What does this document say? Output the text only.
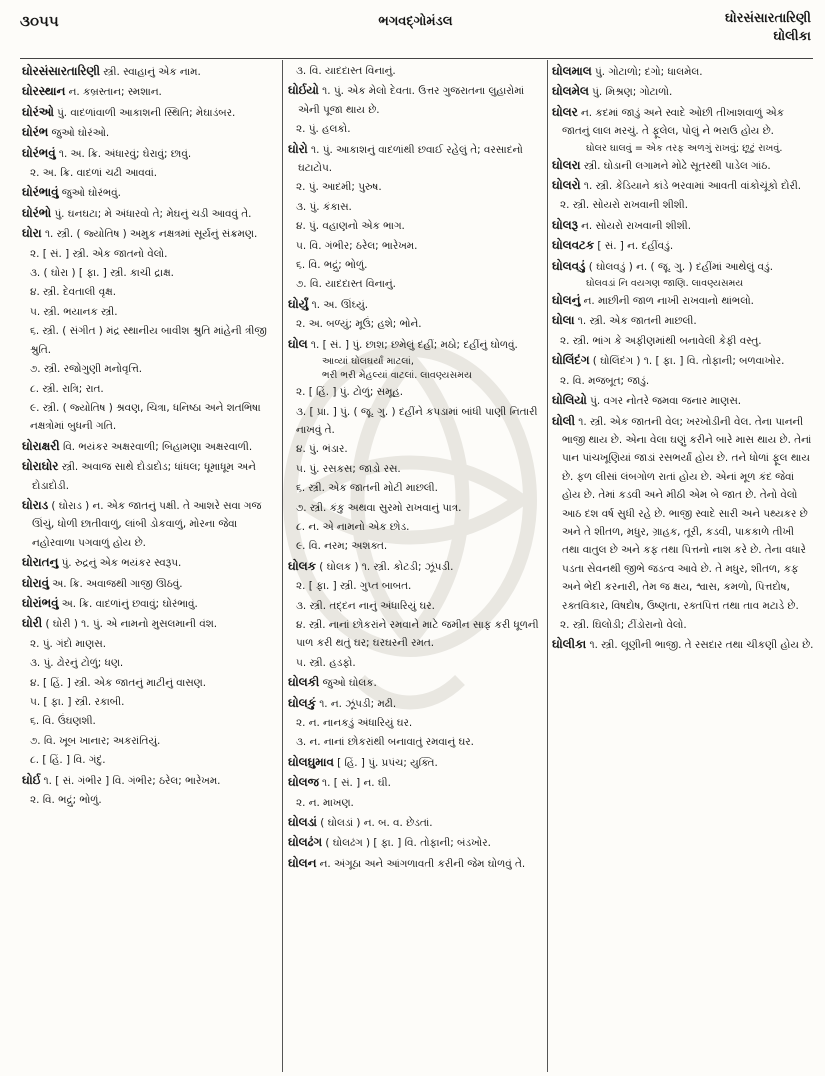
૩૦૫૫	ભગવદ્ગોમંડલ	ઘોરસંસારતારિણી
ઘોલીકા
ઘોરસંસારતારિણી સ્ત્રી. સ્વાહાનું એક નામ.
ઘોરસ્થાન ન. કબ્રસ્તાન; સ્મશાન.
ઘોરંઓ પું. વાદળાંવાળી આકાશની સ્થિતિ; મેઘાડંબર.
ઘોરંભ જુઓ ઘોરંઓ.
ઘોરંભવું ૧. અ. ક્રિ. અંધારવું; ઘેરાવું; છાવું.
૨. અ. ક્રિ. વાદળાં ચઢી આવવાં.
ઘોરંભાવું જુઓ ઘોરંભવું.
ઘોરંભો પું. ઘનઘટા; મે અંધારવો તે; મેઘનું ચડી આવવું તે.
ઘોરા ૧. સ્ત્રી. ( જ્યોતિષ ) અમુક નક્ષત્રમાં સૂર્યનું સંક્રમણ.
૨. [ સં. ] સ્ત્રી. એક જાતનો વેલો.
૩. ( ઘોરા ) [ ફા. ] સ્ત્રી. કાચી દ્રાક્ષ.
૪. સ્ત્રી. દેવતાલી વૃક્ષ.
૫. સ્ત્રી. ભયાનક સ્ત્રી.
૬. સ્ત્રી. ( સંગીત ) મંદ્ર સ્થાનીય બાવીશ શ્રુતિ માંહેની ત્રીજી શ્રુતિ.
૭. સ્ત્રી. રજોગુણી મનોવૃત્તિ.
૮. સ્ત્રી. રાત્રિ; રાત.
૯. સ્ત્રી. ( જ્યોતિષ ) શ્રવણ, ચિત્રા, ધનિષ્ઠા અને શતભિષા નક્ષત્રોમાં બુધની ગતિ.
ઘોરાક્ષરી વિ. ભયંકર અક્ષરવાળી; બિહામણા અક્ષરવાળી.
ઘોરાઘોર સ્ત્રી. અવાજ સાથે દોડાદોડ; ધાંધલ; ધૂમાધૂમ અને દોડાદોડી.
ઘોરાડ ( ઘોરાડ ) ન. એક જાતનું પક્ષી. તે આશરે સવા ગજ ઊંચું, ધોળી છાતીવાળું, લાંબી ડોકવાળું, મોરના જેવા નહોરવાળા પગવાળું હોય છે.
ઘોરાતનુ પું. રુદ્રનું એક ભયંકર સ્વરૂપ.
ઘોરાવું અ. ક્રિ. અવાજથી ગાજી ઊઠવું.
ઘોરાંભવું અ. ક્રિ. વાદળાંનું છવાવું; ઘોરંભાવું.
ઘોરી ( ઘોરી ) ૧. પું. એ નામનો મુસલમાની વંશ.
૨. પું. ગંદો માણસ.
૩. પું. ઢોરનું ટોળું; ધણ.
૪. [ હિં. ] સ્ત્રી. એક જાતનું માટીનું વાસણ.
૫. [ ફા. ] સ્ત્રી. રકાબી.
૬. વિ. ઉંઘણશી.
૭. વિ. ખૂબ ખાનાર; અકરાંતિયું.
૮. [ હિં. ] વિ. ગંદું.
ઘોર્ઇ ૧. [ સં. ગંભીર ] વિ. ગંભીર; ઠરેલ; ભારેખમ.
૨. વિ. ભદ્રું; ભોળું.
૩. વિ. યાદદાસ્ત વિનાનું.
ઘોર્ઇયો ૧. પું. એક મેલો દેવતા. ઉત્તર ગુજરાતના લુહારોમાં એની પૂજા થાય છે.
૨. પું. હલકો.
ઘોરો ૧. પું. આકાશનું વાદળાંથી છવાઈ રહેલું તે; વરસાદનો ઘટાટોપ.
૨. પું. આદમી; પુરુષ.
૩. પું. કંકાસ.
૪. પું. વહાણનો એક ભાગ.
૫. વિ. ગંભીર; ઠરેલ; ભારેખમ.
૬. વિ. ભદ્રું; ભોળું.
૭. વિ. યાદદાસ્ત વિનાનું.
ઘોર્યું ૧. અ. ઊંઘ્યું.
૨. અ. બળ્યું; મૂઉં; હશે; ભોને.
ઘોલ ૧. [ સં. ] પું. છાશ; છમેલું દહીં; મઠો; દહીંનું ઘોળવું.
આવ્યાં ઘોલઘર્યાં માટલાં,
ભરી ભરી મેહલ્યાં વાટલાં. લાવણ્યસમય
૨. [ હિં. ] પું. ટોળું; સમૂહ.
૩. [ પ્રા. ] પું. ( જૂ. ગુ. ) દહીંને કપડામાં બાંધી પાણી નિતારી નાખવું તે.
૪. પું. ભંડાર.
૫. પું. રસકસ; જાડો રસ.
૬. સ્ત્રી. એક જાતની મોટી માછલી.
૭. સ્ત્રી. કંકુ અથવા સુરમો રાખવાનું પાત્ર.
૮. ન. એ નામનો એક છોડ.
૯. વિ. નરમ; અશક્ત.
ઘોલક ( ઘોલક ) ૧. સ્ત્રી. કોટડી; ઝૂંપડી.
૨. [ ફા. ] સ્ત્રી. ગુપ્ત બાબત.
૩. સ્ત્રી. તદ્દન નાનું અંધારિયું ઘર.
૪. સ્ત્રી. નાનાં છોકરાંને રમવાને માટે જમીન સાફ કરી ધૂળની પાળ કરી થતું ઘર; ઘરઘરની રમત.
૫. સ્ત્રી. હડફો.
ઘોલકી જુઓ ઘોલક.
ઘોલકું ૧. ન. ઝૂંપડી; મઢી.
૨. ન. નાનકડું અંધારિયું ઘર.
૩. ન. નાનાં છોકરાંથી બનાવાતું રમવાનું ઘર.
ઘોલઘુમાવ [ હિં. ] પું. પ્રપંચ; યુક્તિ.
ઘોલજ ૧. [ સં. ] ન. ઘી.
૨. ન. માખણ.
ઘોલડાં ( ઘોલડાં ) ન. બ. વ. છેડતાં.
ઘોલઢંગ ( ઘોલઢંગ ) [ ફા. ] વિ. તોફાની; બંડખોર.
ઘોલન ન. અંગૂઠા અને આંગળાવતી કરીની જેમ ઘોળવું તે.
ઘોલમાલ પું. ગોટાળો; દગો; ધાલમેલ.
ઘોલમેલ પું. મિશ્રણ; ગોટાળો.
ઘોલર ન. કદમાં જાડું અને સ્વાદે ઓછી તીખાશવાળું એક જાતનું લાલ મરચું. તે ફૂલેલ, પોલું ને ભરાઉ હોય છે.
ઘોલર ઘાલવું = એક તરફ અળગું રાખવું; છૂટું રાખવું.
ઘોલરા સ્ત્રી. ઘોડાની લગામને મોઢે સૂતરથી પાડેલ ગાંઠ.
ઘોલરો ૧. સ્ત્રી. કેડિયાને કાંડે ભરવામાં આવતી વાંકોચૂંકો દોરી.
૨. સ્ત્રી. સોયરો રાખવાની શીશી.
ઘોલરૂ ન. સોયરો રાખવાની શીશી.
ઘોલવટક [ સં. ] ન. દહીંવડું.
ઘોલવડું ( ઘોલવડું ) ન. ( જૂ. ગુ. ) દહીંમાં આથેલું વડું.
ઘોલવડાં નિ વયગણ જાણિ. લાવણ્યસમય
ઘોલનું ન. માછીની જાળ નાખી રાખવાનો થાંભલો.
ઘોલા ૧. સ્ત્રી. એક જાતની માછલી.
૨. સ્ત્રી. ભાંગ કે અફીણમાંથી બનાવેલી કેફી વસ્તુ.
ઘોલિંદંગ ( ઘોલિંદંગ ) ૧. [ ફા. ] વિ. તોફાની; બળવાખોર.
૨. વિ. મજબૂત; જાડું.
ઘોલિયો પું. વગર નોતરે જમવા જનાર માણસ.
ઘોલી ૧. સ્ત્રી. એક જાતની વેલ; ખરખોડીની વેલ. તેના પાનની ભાજી થાય છે. એના વેલા ઘણું કરીને બારે માસ થાય છે. તેનાં પાન પાંચખૂણિયાં જાડાં રસભર્યાં હોય છે. તને ધોળાં ફૂલ થાય છે. ફળ લીસાં લંબગોળ રાતાં હોય છે. એનાં મૂળ કંદ જેવાં હોય છે. તેમાં કડવી અને મીઠી એમ બે જાત છે. તેનો વેલો આઠ દશ વર્ષ સુધી રહે છે. ભાજી સ્વાદે સારી અને પથ્યકર છે અને તે શીતળ, મધુર, ગ્રાહક, તૂરી, કડવી, પાકકાળે તીખી તથા વાતુલ છે અને કફ તથા પિત્તનો નાશ કરે છે. તેના વધારે પડતા સેવનથી જીભે જડત્વ આવે છે. તે મધુર, શીતળ, કફ અને ભેદી કરનારી, તેમ જ ક્ષય, શ્વાસ, કમળો, પિત્તદોષ, રક્તવિકાર, વિષદોષ, ઉષ્ણતા, રક્તપિત્ત તથા તાવ મટાડે છે.
૨. સ્ત્રી. ઘિલોડી; ટીંડોરાનો વેલો.
ઘોલીકા ૧. સ્ત્રી. લૂણીની ભાજી. તે રસદાર તથા ચીકણી હોય છે.
